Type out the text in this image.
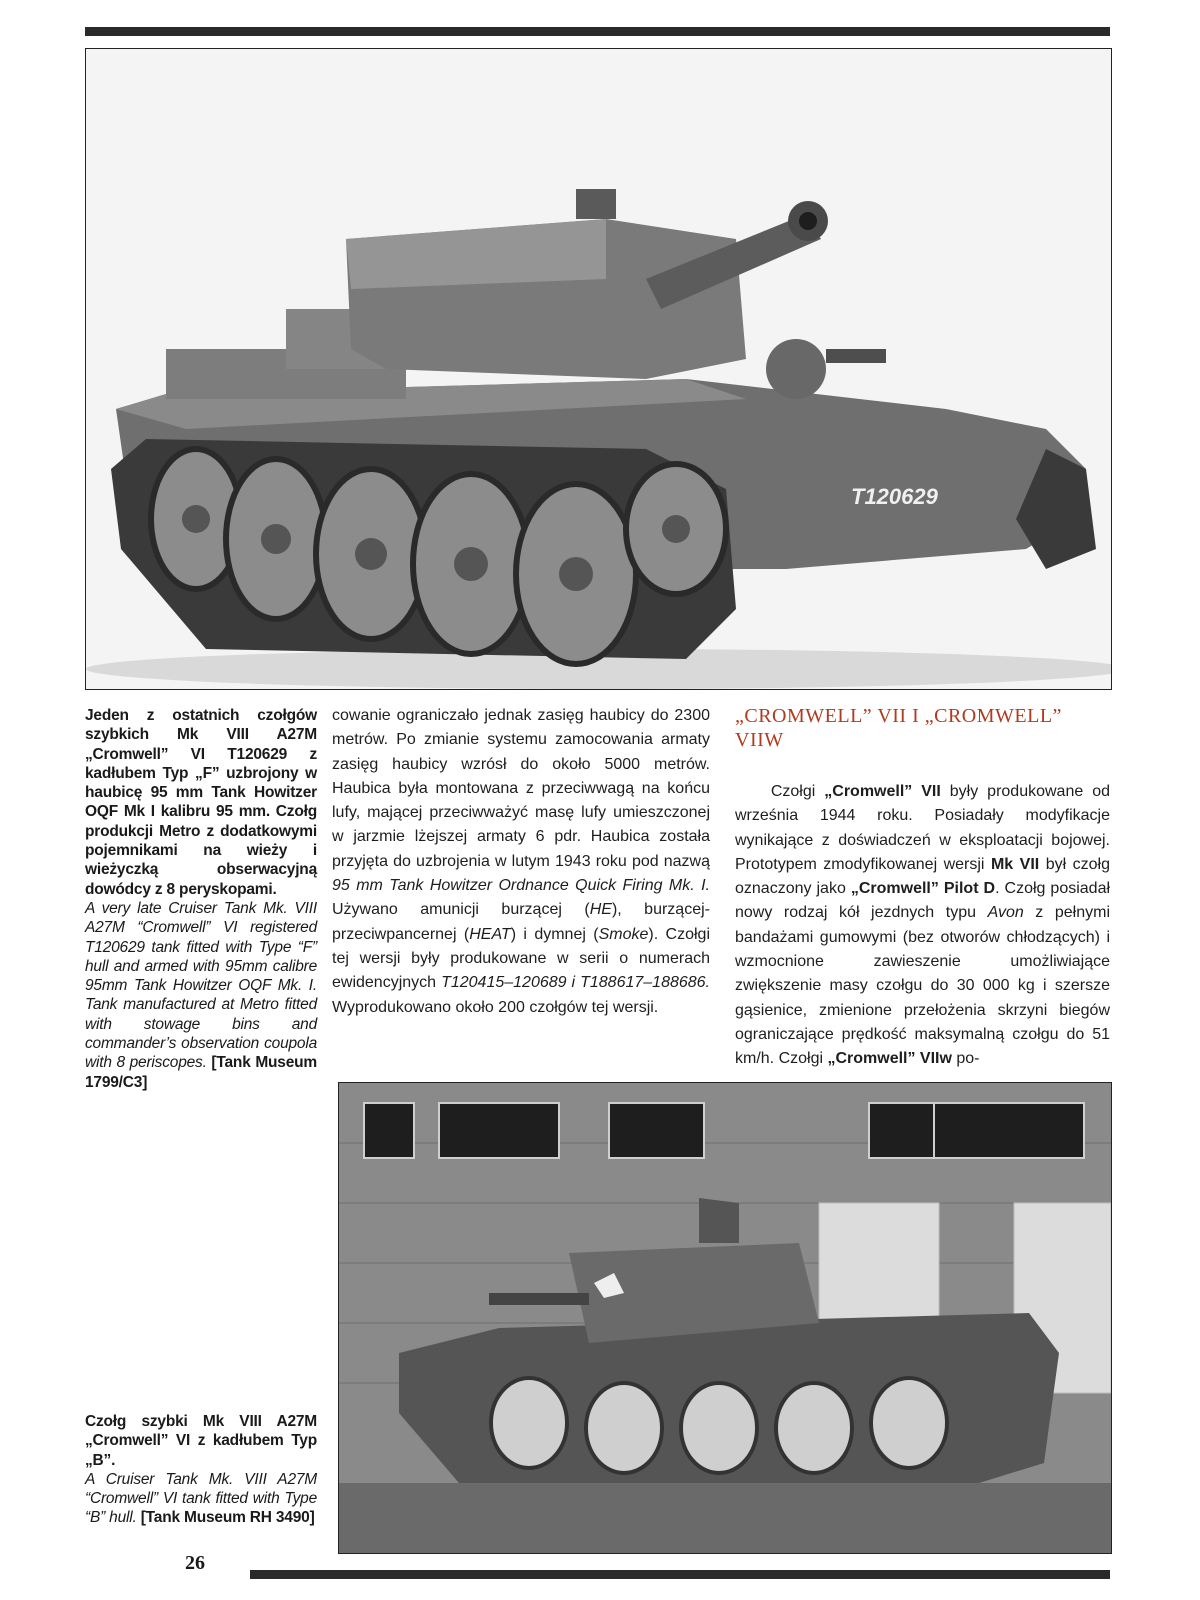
T120629
Jeden z ostatnich czołgów szybkich Mk VIII A27M „Cromwell” VI T120629 z kadłubem Typ „F” uzbrojony w haubicę 95 mm Tank Howitzer OQF Mk I kalibru 95 mm. Czołg produkcji Metro z dodatkowymi pojemnikami na wieży i wieżyczką obserwacyjną dowódcy z 8 peryskopami.
A very late Cruiser Tank Mk. VIII A27M “Cromwell” VI registered T120629 tank fitted with Type “F” hull and armed with 95mm calibre 95mm Tank Howitzer OQF Mk. I. Tank manufactured at Metro fitted with stowage bins and commander’s observation coupola with 8 periscopes. [Tank Museum 1799/C3]
cowanie ograniczało jednak zasięg haubicy do 2300 metrów. Po zmianie systemu zamocowania armaty zasięg haubicy wzrósł do około 5000 metrów. Haubica była montowana z przeciwwagą na końcu lufy, mającej przeciwważyć masę lufy umieszczonej w jarzmie lżejszej armaty 6 pdr. Haubica została przyjęta do uzbrojenia w lutym 1943 roku pod nazwą 95 mm Tank Howitzer Ordnance Quick Firing Mk. I. Używano amunicji burzącej (HE), burzącej-przeciwpancernej (HEAT) i dymnej (Smoke). Czołgi tej wersji były produkowane w serii o numerach ewidencyjnych T120415–120689 i T188617–188686. Wyprodukowano około 200 czołgów tej wersji.
„CROMWELL” VII I „CROMWELL” VIIW
Czołgi „Cromwell” VII były produkowane od września 1944 roku. Posiadały modyfikacje wynikające z doświadczeń w eksploatacji bojowej. Prototypem zmodyfikowanej wersji Mk VII był czołg oznaczony jako „Cromwell” Pilot D. Czołg posiadał nowy rodzaj kół jezdnych typu Avon z pełnymi bandażami gumowymi (bez otworów chłodzących) i wzmocnione zawieszenie umożliwiające zwiększenie masy czołgu do 30 000 kg i szersze gąsienice, zmienione przełożenia skrzyni biegów ograniczające prędkość maksymalną czołgu do 51 km/h. Czołgi „Cromwell” VIIw po-
Czołg szybki Mk VIII A27M „Cromwell” VI z kadłubem Typ „B”.
A Cruiser Tank Mk. VIII A27M “Cromwell” VI tank fitted with Type “B” hull. [Tank Museum RH 3490]
26
